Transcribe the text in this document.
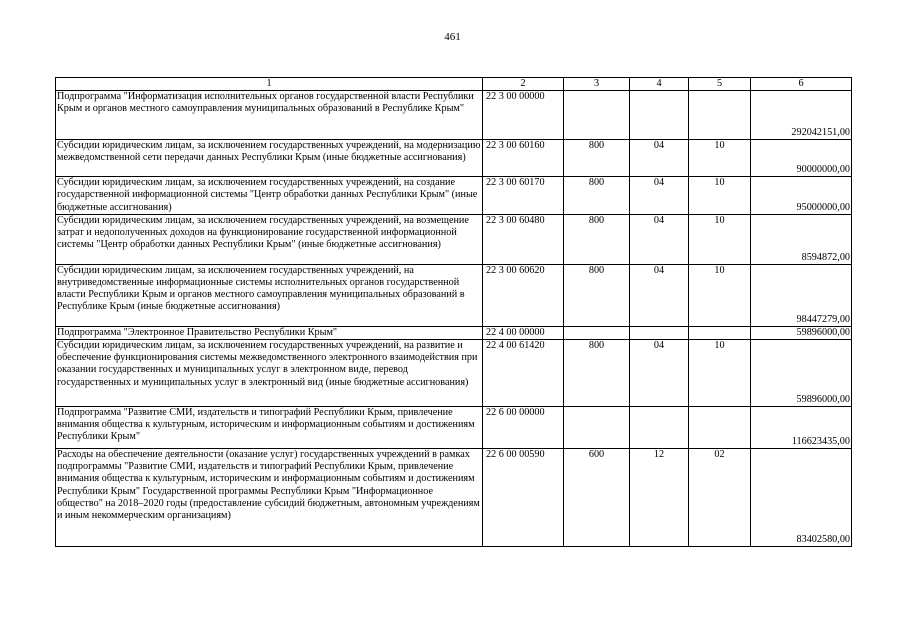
461
1	2	3	4	5	6
Подпрограмма "Информатизация исполнительных органов государственной власти Республики Крым и органов местного самоуправления муниципальных образований в Республике Крым"	22 3 00 00000				292042151,00
Субсидии юридическим лицам, за исключением государственных учреждений, на модернизацию межведомственной сети передачи данных Республики Крым (иные бюджетные ассигнования)	22 3 00 60160	800	04	10	90000000,00
Субсидии юридическим лицам, за исключением государственных учреждений, на создание государственной информационной системы "Центр обработки данных Республики Крым" (иные бюджетные ассигнования)	22 3 00 60170	800	04	10	95000000,00
Субсидии юридическим лицам, за исключением государственных учреждений, на возмещение затрат и недополученных доходов на функционирование государственной информационной системы "Центр обработки данных Республики Крым" (иные бюджетные ассигнования)	22 3 00 60480	800	04	10	8594872,00
Субсидии юридическим лицам, за исключением государственных учреждений, на внутриведомственные информационные системы исполнительных органов государственной власти Республики Крым и органов местного самоуправления муниципальных образований в Республике Крым (иные бюджетные ассигнования)	22 3 00 60620	800	04	10	98447279,00
Подпрограмма "Электронное Правительство Республики Крым"	22 4 00 00000				59896000,00
Субсидии юридическим лицам, за исключением государственных учреждений, на развитие и обеспечение функционирования системы межведомственного электронного взаимодействия при оказании государственных и муниципальных услуг в электронном виде, перевод государственных и муниципальных услуг в электронный вид (иные бюджетные ассигнования)	22 4 00 61420	800	04	10	59896000,00
Подпрограмма "Развитие СМИ, издательств и типографий Республики Крым, привлечение внимания общества к культурным, историческим и информационным событиям и достижениям Республики Крым"	22 6 00 00000				116623435,00
Расходы на обеспечение деятельности (оказание услуг) государственных учреждений в рамках подпрограммы "Развитие СМИ, издательств и типографий Республики Крым, привлечение внимания общества к культурным, историческим и информационным событиям и достижениям Республики Крым" Государственной программы Республики Крым "Информационное общество" на 2018–2020 годы (предоставление субсидий бюджетным, автономным учреждениям и иным некоммерческим организациям)	22 6 00 00590	600	12	02	83402580,00
